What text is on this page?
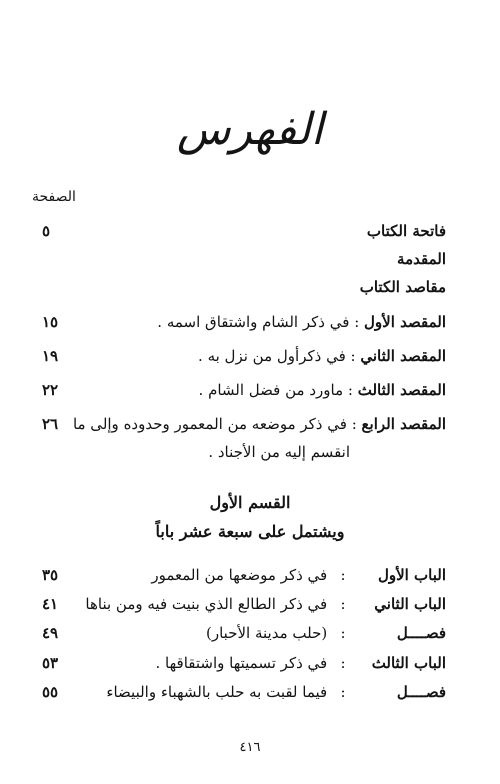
الفهرس
الصفحة
فاتحة الكتاب
٥
المقدمة
مقاصد الكتاب
المقصد الأول : في ذكر الشام واشتقاق اسمه .
١٥
المقصد الثاني : في ذكرأول من نزل به .
١٩
المقصد الثالث : ماورد من فضل الشام .
٢٢
المقصد الرابع : في ذكر موضعه من المعمور وحدوده وإلى ما
٢٦
انقسم إليه من الأجناد .
القسم الأول
ويشتمل على سبعة عشر باباً
الباب الأول: في ذكر موضعها من المعمور
٣٥
الباب الثاني: في ذكر الطالع الذي بنيت فيه ومن بناها
٤١
فصــــل: (حلب مدينة الأحبار)
٤٩
الباب الثالث: في ذكر تسميتها واشتقاقها .
٥٣
فصــــل: فيما لقبت به حلب بالشهباء والبيضاء
٥٥
٤١٦
